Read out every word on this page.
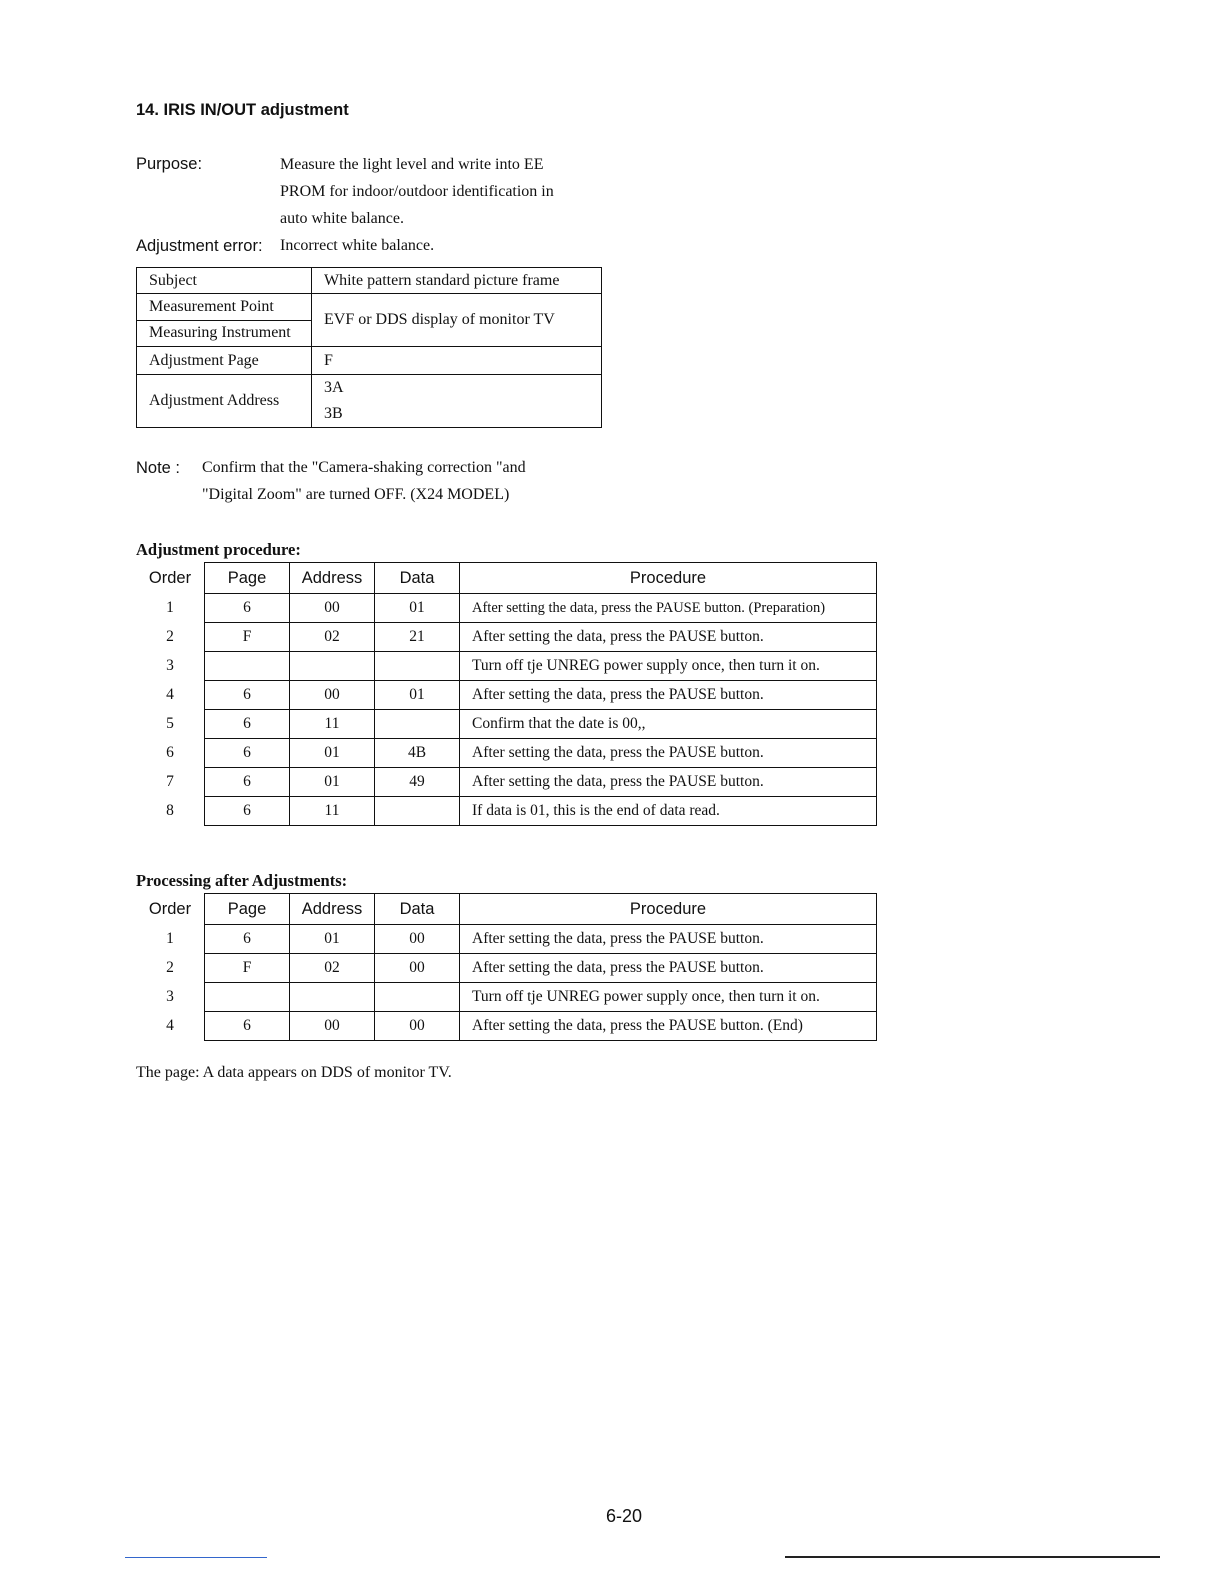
14. IRIS IN/OUT adjustment
Purpose:	Measure the light level and write into EE
PROM for indoor/outdoor identification in
auto white balance.
Adjustment error: Incorrect white balance.
Subject	White pattern standard picture frame
Measurement Point	EVF or DDS display of monitor TV
Measuring Instrument	
Adjustment Page	F
Adjustment Address	3A
3B
Note : Confirm that the "Camera-shaking correction "and
"Digital Zoom" are turned OFF. (X24 MODEL)
Adjustment procedure:
Order	Page	Address	Data	Procedure
1	6	00	01	After setting the data, press the PAUSE button. (Preparation)
2	F	02	21	After setting the data, press the PAUSE button.
3				Turn off tje UNREG power supply once, then turn it on.
4	6	00	01	After setting the data, press the PAUSE button.
5	6	11		Confirm that the date is 00,,
6	6	01	4B	After setting the data, press the PAUSE button.
7	6	01	49	After setting the data, press the PAUSE button.
8	6	11		If data is 01, this is the end of data read.
Processing after Adjustments:
Order	Page	Address	Data	Procedure
1	6	01	00	After setting the data, press the PAUSE button.
2	F	02	00	After setting the data, press the PAUSE button.
3				Turn off tje UNREG power supply once, then turn it on.
4	6	00	00	After setting the data, press the PAUSE button. (End)
The page: A data appears on DDS of monitor TV.
6-20
